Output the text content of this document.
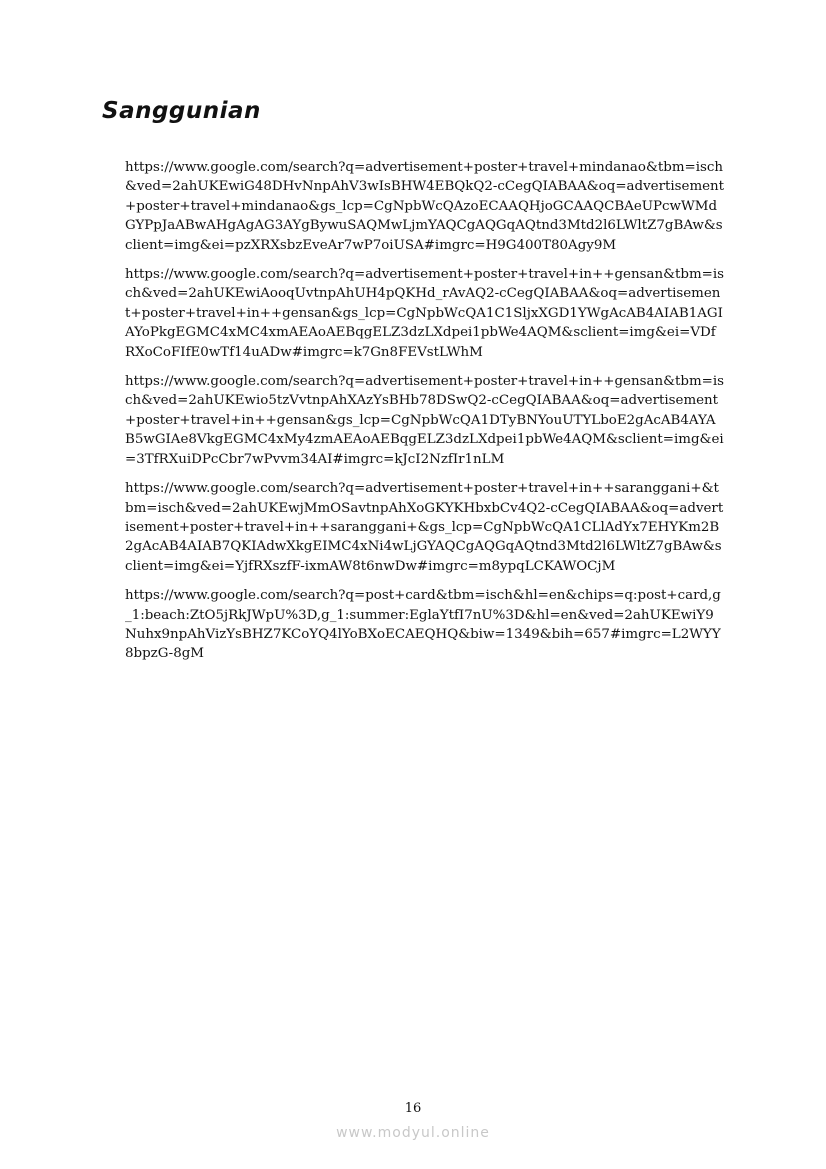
Sanggunian
https://www.google.com/search?q=advertisement+poster+travel+mindanao&tbm=isch&ved=2ahUKEwiG48DHvNnpAhV3wIsBHW4EBQkQ2-cCegQIABAA&oq=advertisement+poster+travel+mindanao&gs_lcp=CgNpbWcQAzoECAAQHjoGCAAQCBAeUPcwWMdGYPpJaABwAHgAgAG3AYgBywuSAQMwLjmYAQCgAQGqAQtnd3Mtd2l6LWltZ7gBAw&sclient=img&ei=pzXRXsbzEveAr7wP7oiUSA#imgrc=H9G400T80Agy9M
https://www.google.com/search?q=advertisement+poster+travel+in++gensan&tbm=isch&ved=2ahUKEwiAooqUvtnpAhUH4pQKHd_rAvAQ2-cCegQIABAA&oq=advertisement+poster+travel+in++gensan&gs_lcp=CgNpbWcQA1C1SljxXGD1YWgAcAB4AIAB1AGIAYoPkgEGMC4xMC4xmAEAoAEBqgELZ3dzLXdpei1pbWe4AQM&sclient=img&ei=VDfRXoCoFIfE0wTf14uADw#imgrc=k7Gn8FEVstLWhM
https://www.google.com/search?q=advertisement+poster+travel+in++gensan&tbm=isch&ved=2ahUKEwio5tzVvtnpAhXAzYsBHb78DSwQ2-cCegQIABAA&oq=advertisement+poster+travel+in++gensan&gs_lcp=CgNpbWcQA1DTyBNYouUTYLboE2gAcAB4AYAB5wGIAe8VkgEGMC4xMy4zmAEAoAEBqgELZ3dzLXdpei1pbWe4AQM&sclient=img&ei=3TfRXuiDPcCbr7wPvvm34AI#imgrc=kJcI2NzfIr1nLM
https://www.google.com/search?q=advertisement+poster+travel+in++saranggani+&tbm=isch&ved=2ahUKEwjMmOSavtnpAhXoGKYKHbxbCv4Q2-cCegQIABAA&oq=advertisement+poster+travel+in++saranggani+&gs_lcp=CgNpbWcQA1CLlAdYx7EHYKm2B2gAcAB4AIAB7QKIAdwXkgEIMC4xNi4wLjGYAQCgAQGqAQtnd3Mtd2l6LWltZ7gBAw&sclient=img&ei=YjfRXszfF-ixmAW8t6nwDw#imgrc=m8ypqLCKAWOCjM
https://www.google.com/search?q=post+card&tbm=isch&hl=en&chips=q:post+card,g_1:beach:ZtO5jRkJWpU%3D,g_1:summer:EglaYtfI7nU%3D&hl=en&ved=2ahUKEwiY9Nuhx9npAhVizYsBHZ7KCoYQ4lYoBXoECAEQHQ&biw=1349&bih=657#imgrc=L2WYY8bpzG-8gM
16
www.modyul.online
